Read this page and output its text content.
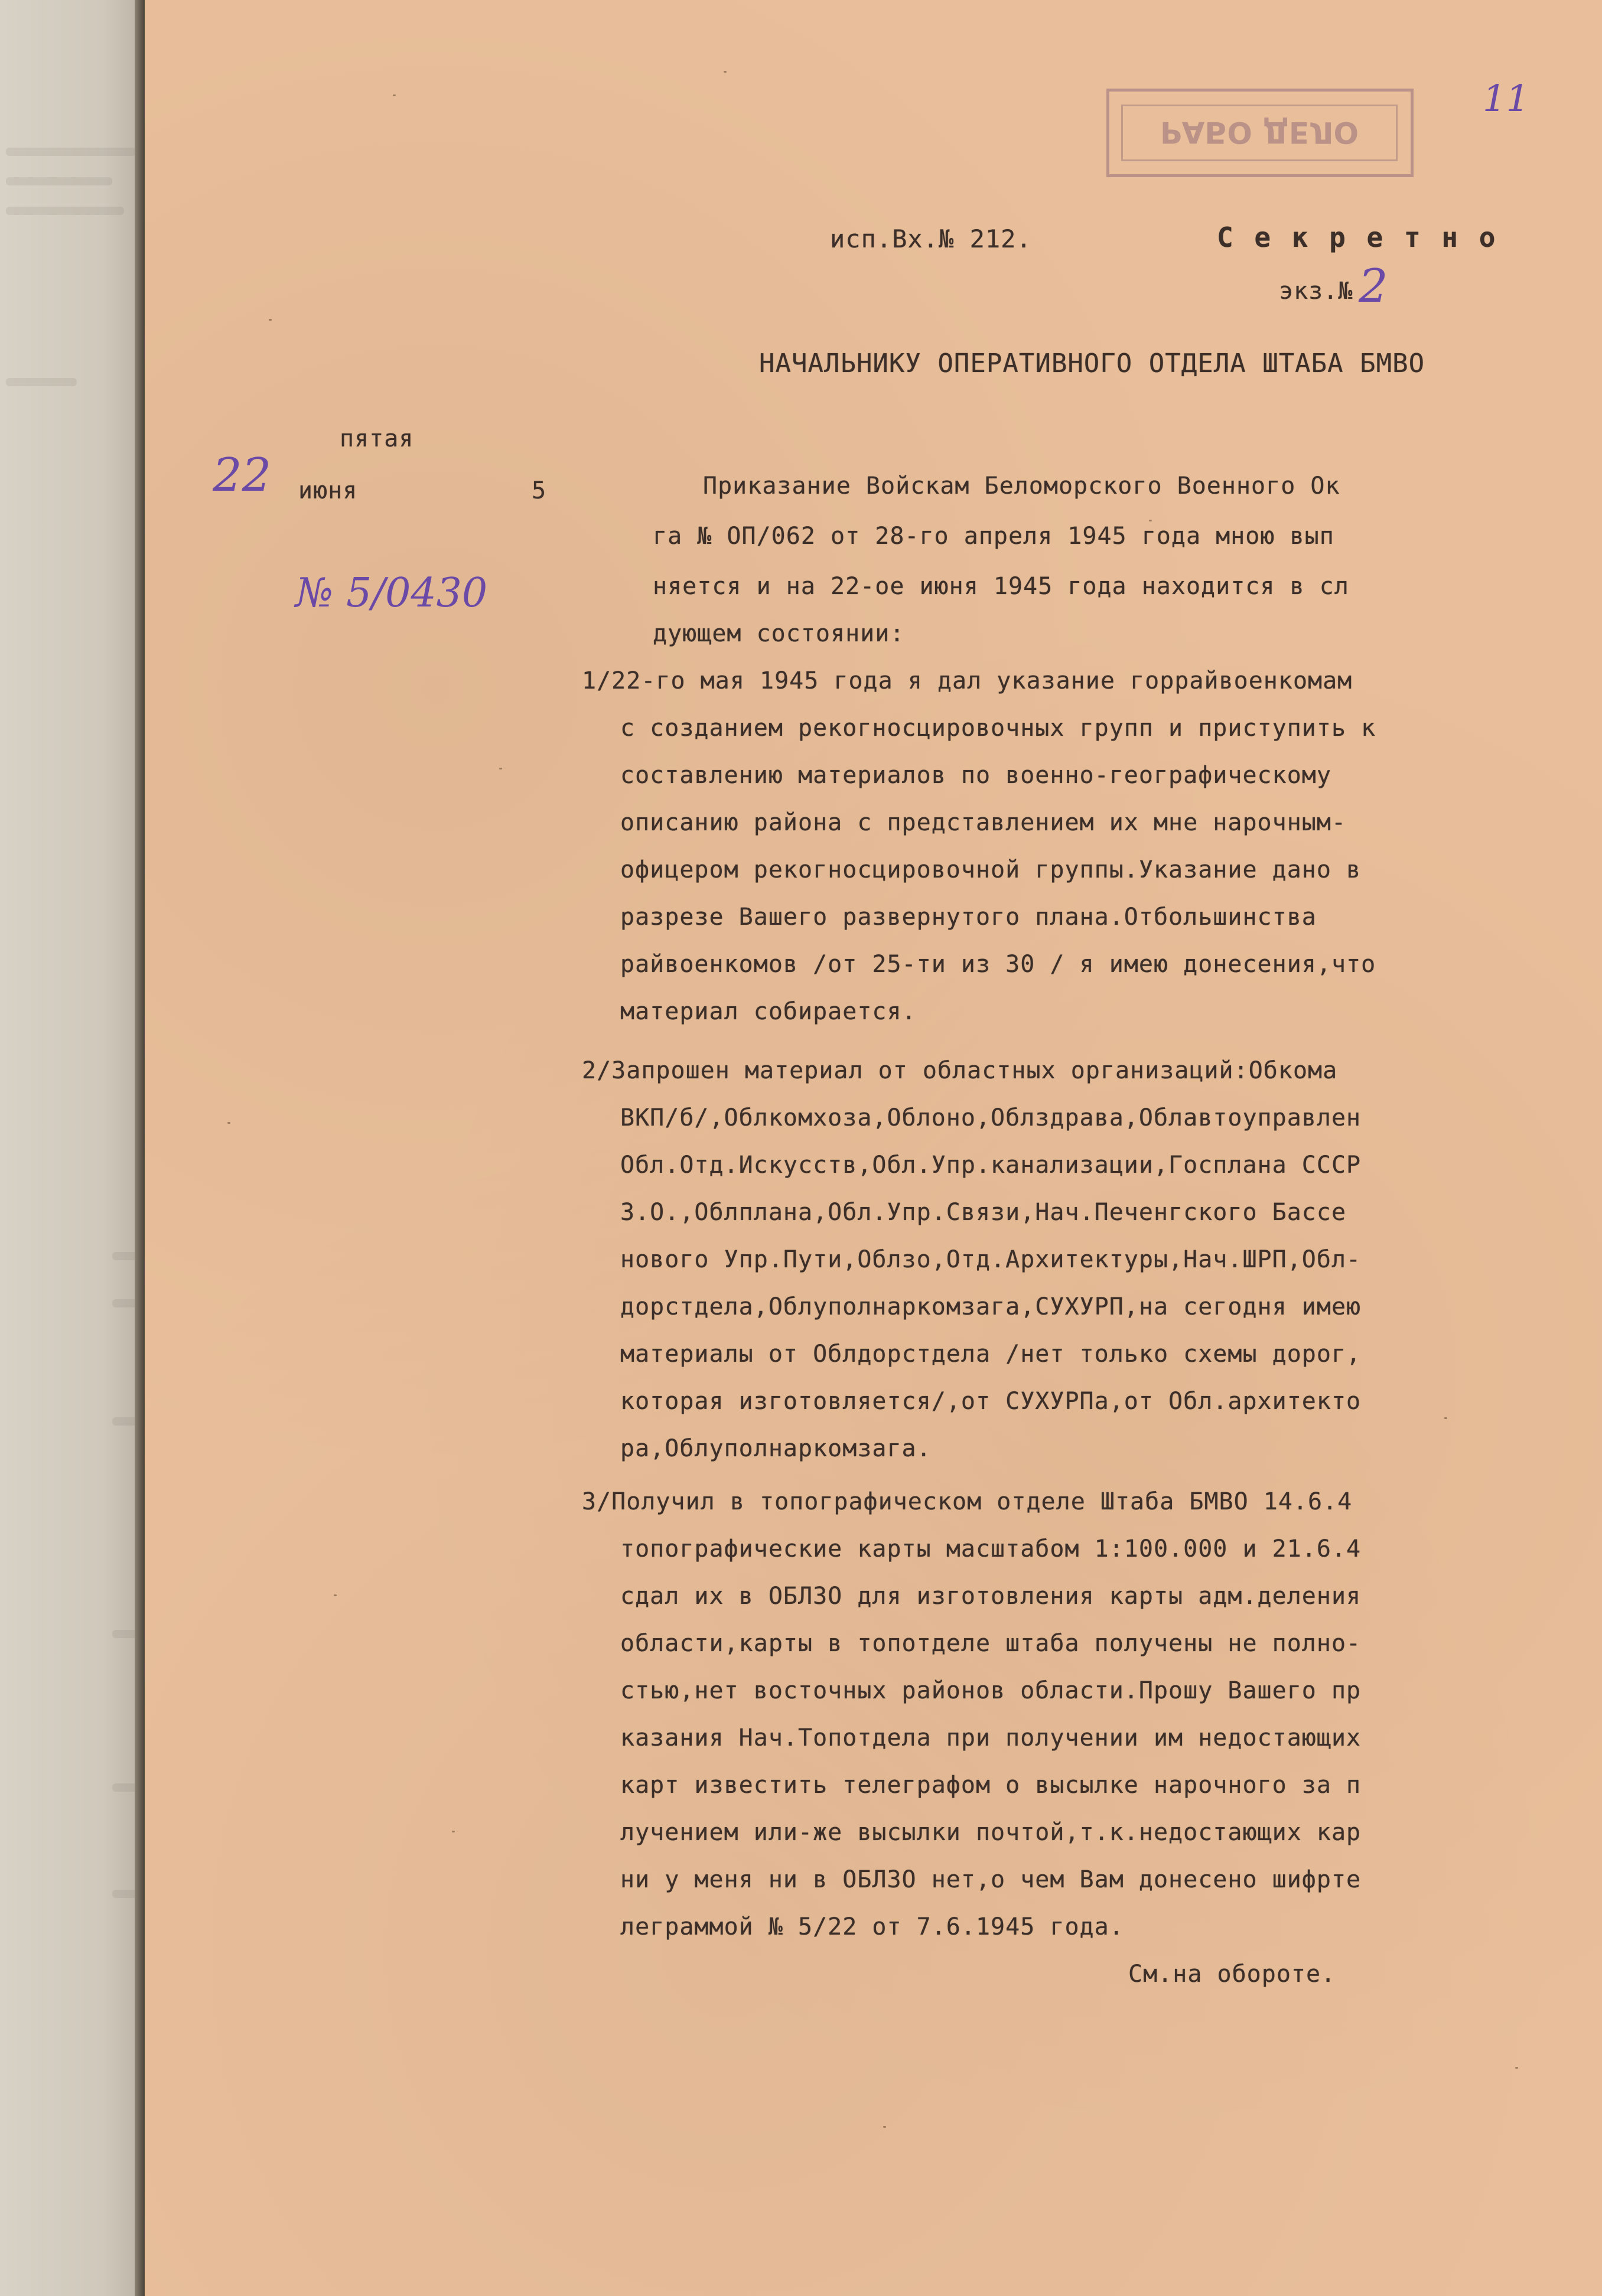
11
РАБО ДЕЛО
исп.Вх.№ 212.	С е к р е т н о
экз.№ 2
НАЧАЛЬНИКУ ОПЕРАТИВНОГО ОТДЕЛА ШТАБА БМВО
пятая
22 июня	5
№ 5/0430
Приказание Войскам Беломорского Военного Ок
га № ОП/062 от 28-го апреля 1945 года мною вып
няется и на 22-ое июня 1945 года находится в сл
дующем состоянии:
1/22-го мая 1945 года я дал указание горрайвоенкомам
с созданием рекогносцировочных групп и приступить к
составлению материалов по военно-географическому
описанию района с представлением их мне нарочным-
офицером рекогносцировочной группы.Указание дано в
разрезе Вашего развернутого плана.Отбольшинства
райвоенкомов /от 25-ти из 30 / я имею донесения,что
материал собирается.
2/Запрошен материал от областных организаций:Обкома
ВКП/б/,Облкомхоза,Облоно,Облздрава,Облавтоуправлен
Обл.Отд.Искусств,Обл.Упр.канализации,Госплана СССР
З.О.,Облплана,Обл.Упр.Связи,Нач.Печенгского Бассе
нового Упр.Пути,Облзо,Отд.Архитектуры,Нач.ШРП,Обл-
дорстдела,Облуполнаркомзага,СУХУРП,на сегодня имею
материалы от Облдорстдела /нет только схемы дорог,
которая изготовляется/,от СУХУРПа,от Обл.архитекто
ра,Облуполнаркомзага.
3/Получил в топографическом отделе Штаба БМВО 14.6.4
топографические карты масштабом 1:100.000 и 21.6.4
сдал их в ОБЛЗО для изготовления карты адм.деления
области,карты в топотделе штаба получены не полно-
стью,нет восточных районов области.Прошу Вашего пр
казания Нач.Топотдела при получении им недостающих
карт известить телеграфом о высылке нарочного за п
лучением или-же высылки почтой,т.к.недостающих кар
ни у меня ни в ОБЛЗО нет,о чем Вам донесено шифрте
леграммой № 5/22 от 7.6.1945 года.
См.на обороте.
